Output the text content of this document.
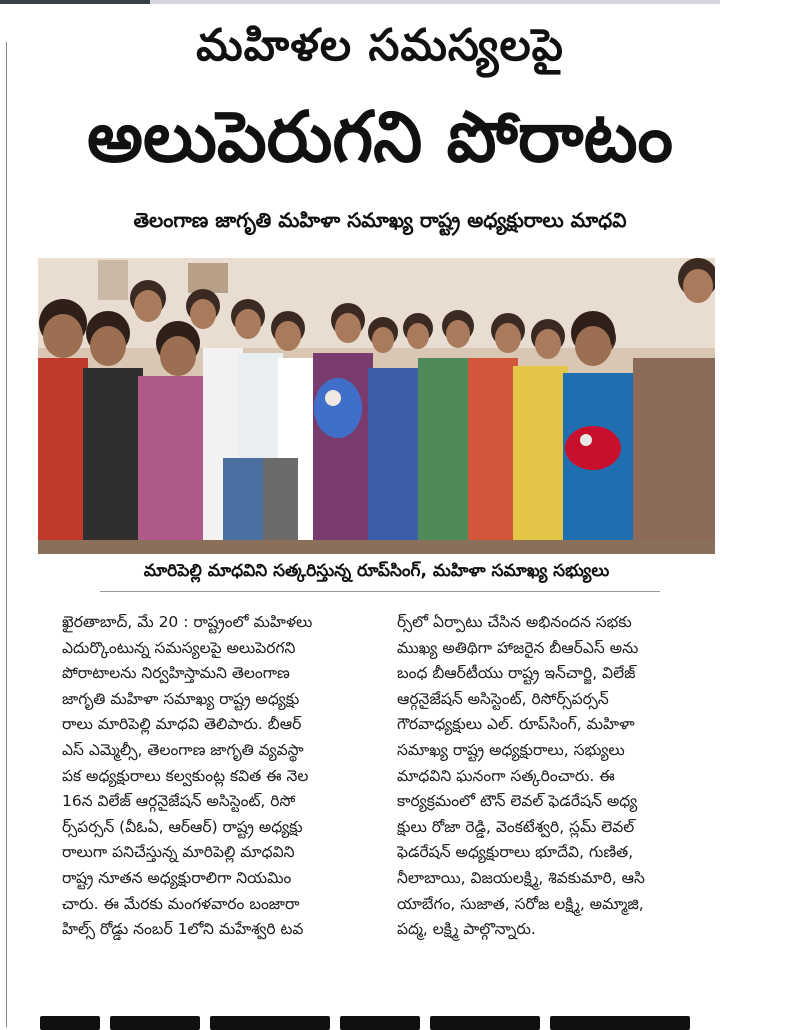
మహిళల సమస్యలపై
అలుపెరుగని పోరాటం
తెలంగాణ జాగృతి మహిళా సమాఖ్య రాష్ట్ర అధ్యక్షురాలు మాధవి
మారిపెల్లి మాధవిని సత్కరిస్తున్న రూప్‌సింగ్, మహిళా సమాఖ్య సభ్యులు
ఖైరతాబాద్, మే 20 : రాష్ట్రంలో మహిళలు
ఎదుర్కొంటున్న సమస్యలపై అలుపెరగని
పోరాటాలను నిర్వహిస్తామని తెలంగాణ
జాగృతి మహిళా సమాఖ్య రాష్ట్ర అధ్యక్షు
రాలు మారిపెల్లి మాధవి తెలిపారు. బీఆర్
ఎస్ ఎమ్మెల్సీ, తెలంగాణ జాగృతి వ్యవస్థా
పక అధ్యక్షురాలు కల్వకుంట్ల కవిత ఈ నెల
16న విలేజ్ ఆర్గనైజేషన్ అసిస్టెంట్, రిసో
ర్స్‌పర్సన్ (వీఓఏ, ఆర్‌ఆర్) రాష్ట్ర అధ్యక్షు
రాలుగా పనిచేస్తున్న మారిపెల్లి మాధవిని
రాష్ట్ర నూతన అధ్యక్షురాలిగా నియమిం
చారు. ఈ మేరకు మంగళవారం బంజారా
హిల్స్ రోడ్డు నంబర్ 1లోని మహేశ్వరి టవ
ర్స్‌లో ఏర్పాటు చేసిన అభినందన సభకు
ముఖ్య అతిథిగా హాజరైన బీఆర్‌ఎస్ అను
బంధ బీఆర్‌టీయు రాష్ట్ర ఇన్‌చార్జి, విలేజ్
ఆర్గనైజేషన్ అసిస్టెంట్, రిసోర్స్‌పర్సన్
గౌరవాధ్యక్షులు ఎల్. రూప్‌సింగ్, మహిళా
సమాఖ్య రాష్ట్ర అధ్యక్షురాలు, సభ్యులు
మాధవిని ఘనంగా సత్కరించారు. ఈ
కార్యక్రమంలో టౌన్ లెవల్ ఫెడరేషన్ అధ్య
క్షులు రోజా రెడ్డి, వెంకటేశ్వరి, స్లమ్ లెవల్
ఫెడరేషన్ అధ్యక్షురాలు భూదేవి, గుణిత,
నీలాబాయి, విజయలక్ష్మి, శివకుమారి, ఆసి
యాబేగం, సుజాత, సరోజ లక్ష్మి, అమ్మాజి,
పద్మ, లక్ష్మి పాల్గొన్నారు.
